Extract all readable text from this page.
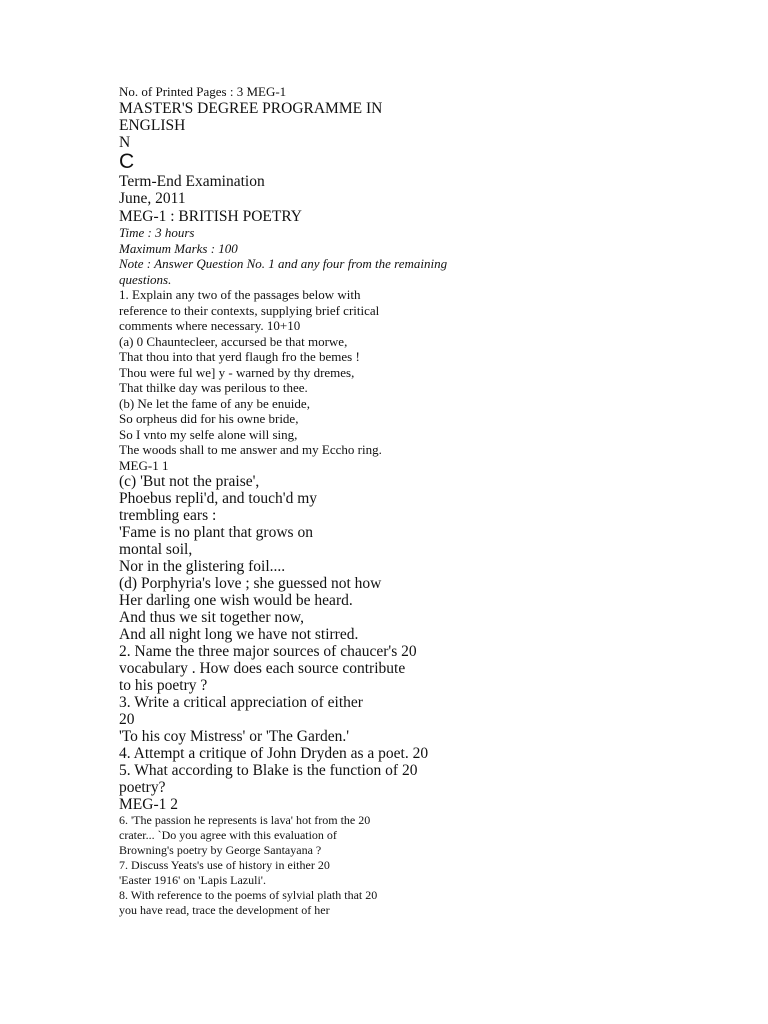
No. of Printed Pages : 3 MEG-1
MASTER'S DEGREE PROGRAMME IN
ENGLISH
N
C
Term-End Examination
June, 2011
MEG-1 : BRITISH POETRY
Time : 3 hours
Maximum Marks : 100
Note : Answer Question No. 1 and any four from the remaining
questions.
1. Explain any two of the passages below with
reference to their contexts, supplying brief critical
comments where necessary. 10+10
(a) 0 Chauntecleer, accursed be that morwe,
That thou into that yerd flaugh fro the bemes !
Thou were ful we] y - warned by thy dremes,
That thilke day was perilous to thee.
(b) Ne let the fame of any be enuide,
So orpheus did for his owne bride,
So I vnto my selfe alone will sing,
The woods shall to me answer and my Eccho ring.
MEG-1 1
(c) 'But not the praise',
Phoebus repli'd, and touch'd my
trembling ears :
'Fame is no plant that grows on
montal soil,
Nor in the glistering foil....
(d) Porphyria's love ; she guessed not how
Her darling one wish would be heard.
And thus we sit together now,
And all night long we have not stirred.
2. Name the three major sources of chaucer's 20
vocabulary . How does each source contribute
to his poetry ?
3. Write a critical appreciation of either
20
'To his coy Mistress' or 'The Garden.'
4. Attempt a critique of John Dryden as a poet. 20
5. What according to Blake is the function of 20
poetry?
MEG-1 2
6. 'The passion he represents is lava' hot from the 20
crater... `Do you agree with this evaluation of
Browning's poetry by George Santayana ?
7. Discuss Yeats's use of history in either 20
'Easter 1916' on 'Lapis Lazuli'.
8. With reference to the poems of sylvial plath that 20
you have read, trace the development of her
